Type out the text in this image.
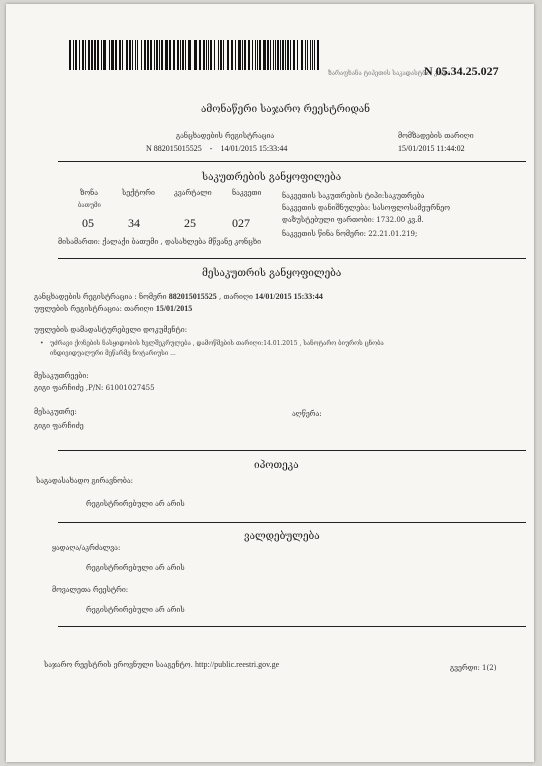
ზარაფხანა ტიპეთის საკადასტრო კოდი
N 05.34.25.027
ამონაწერი საჯარო რეესტრიდან
განცხადების რეგისტრაცია
N 882015015525 - 14/01/2015 15:33:44
მომზადების თარიღი
15/01/2015 11:44:02
საკუთრების განყოფილება
ზონა	სექტორი	კვარტალი	ნაკვეთი
ბათუმი
05	34	25	027
მისამართი: ქალაქი ბათუმი , დასახლება მწვანე კონცხი
ნაკვეთის საკუთრების ტიპი:საკუთრება
ნაკვეთის დანიშნულება: სასოფლოსამეურნეო
დაზუსტებული ფართობი: 1732.00 კვ.მ.
ნაკვეთის წინა ნომერი: 22.21.01.219;
მესაკუთრის განყოფილება
განცხადების რეგისტრაცია : ნომერი 882015015525 , თარიღი 14/01/2015 15:33:44
უფლების რეგისტრაცია: თარიღი 15/01/2015
უფლების დამადასტურებელი დოკუმენტი:
• უძრავი ქონების ნასყიდობის ხელშეკრულება , დამოწმების თარიღი:14.01.2015 , სანოტარო ბიუროს ცნობა
ინდივიდუალური მეწარმე ნოტარიუსი ...
მესაკუთრეები:
გიგი ფარჩიძე ,P/N: 61001027455
მესაკუთრე:
გიგი ფარჩიძე
აღწერა:
იპოთეკა
საგადასახადო გირავნობა:
რეგისტრირებული არ არის
ვალდებულება
ყადაღა/აკრძალვა:
რეგისტრირებული არ არის
მოვალეთა რეესტრი:
რეგისტრირებული არ არის
საჯარო რეესტრის ეროვნული სააგენტო. http://public.reestri.gov.ge	გვერდი: 1(2)
